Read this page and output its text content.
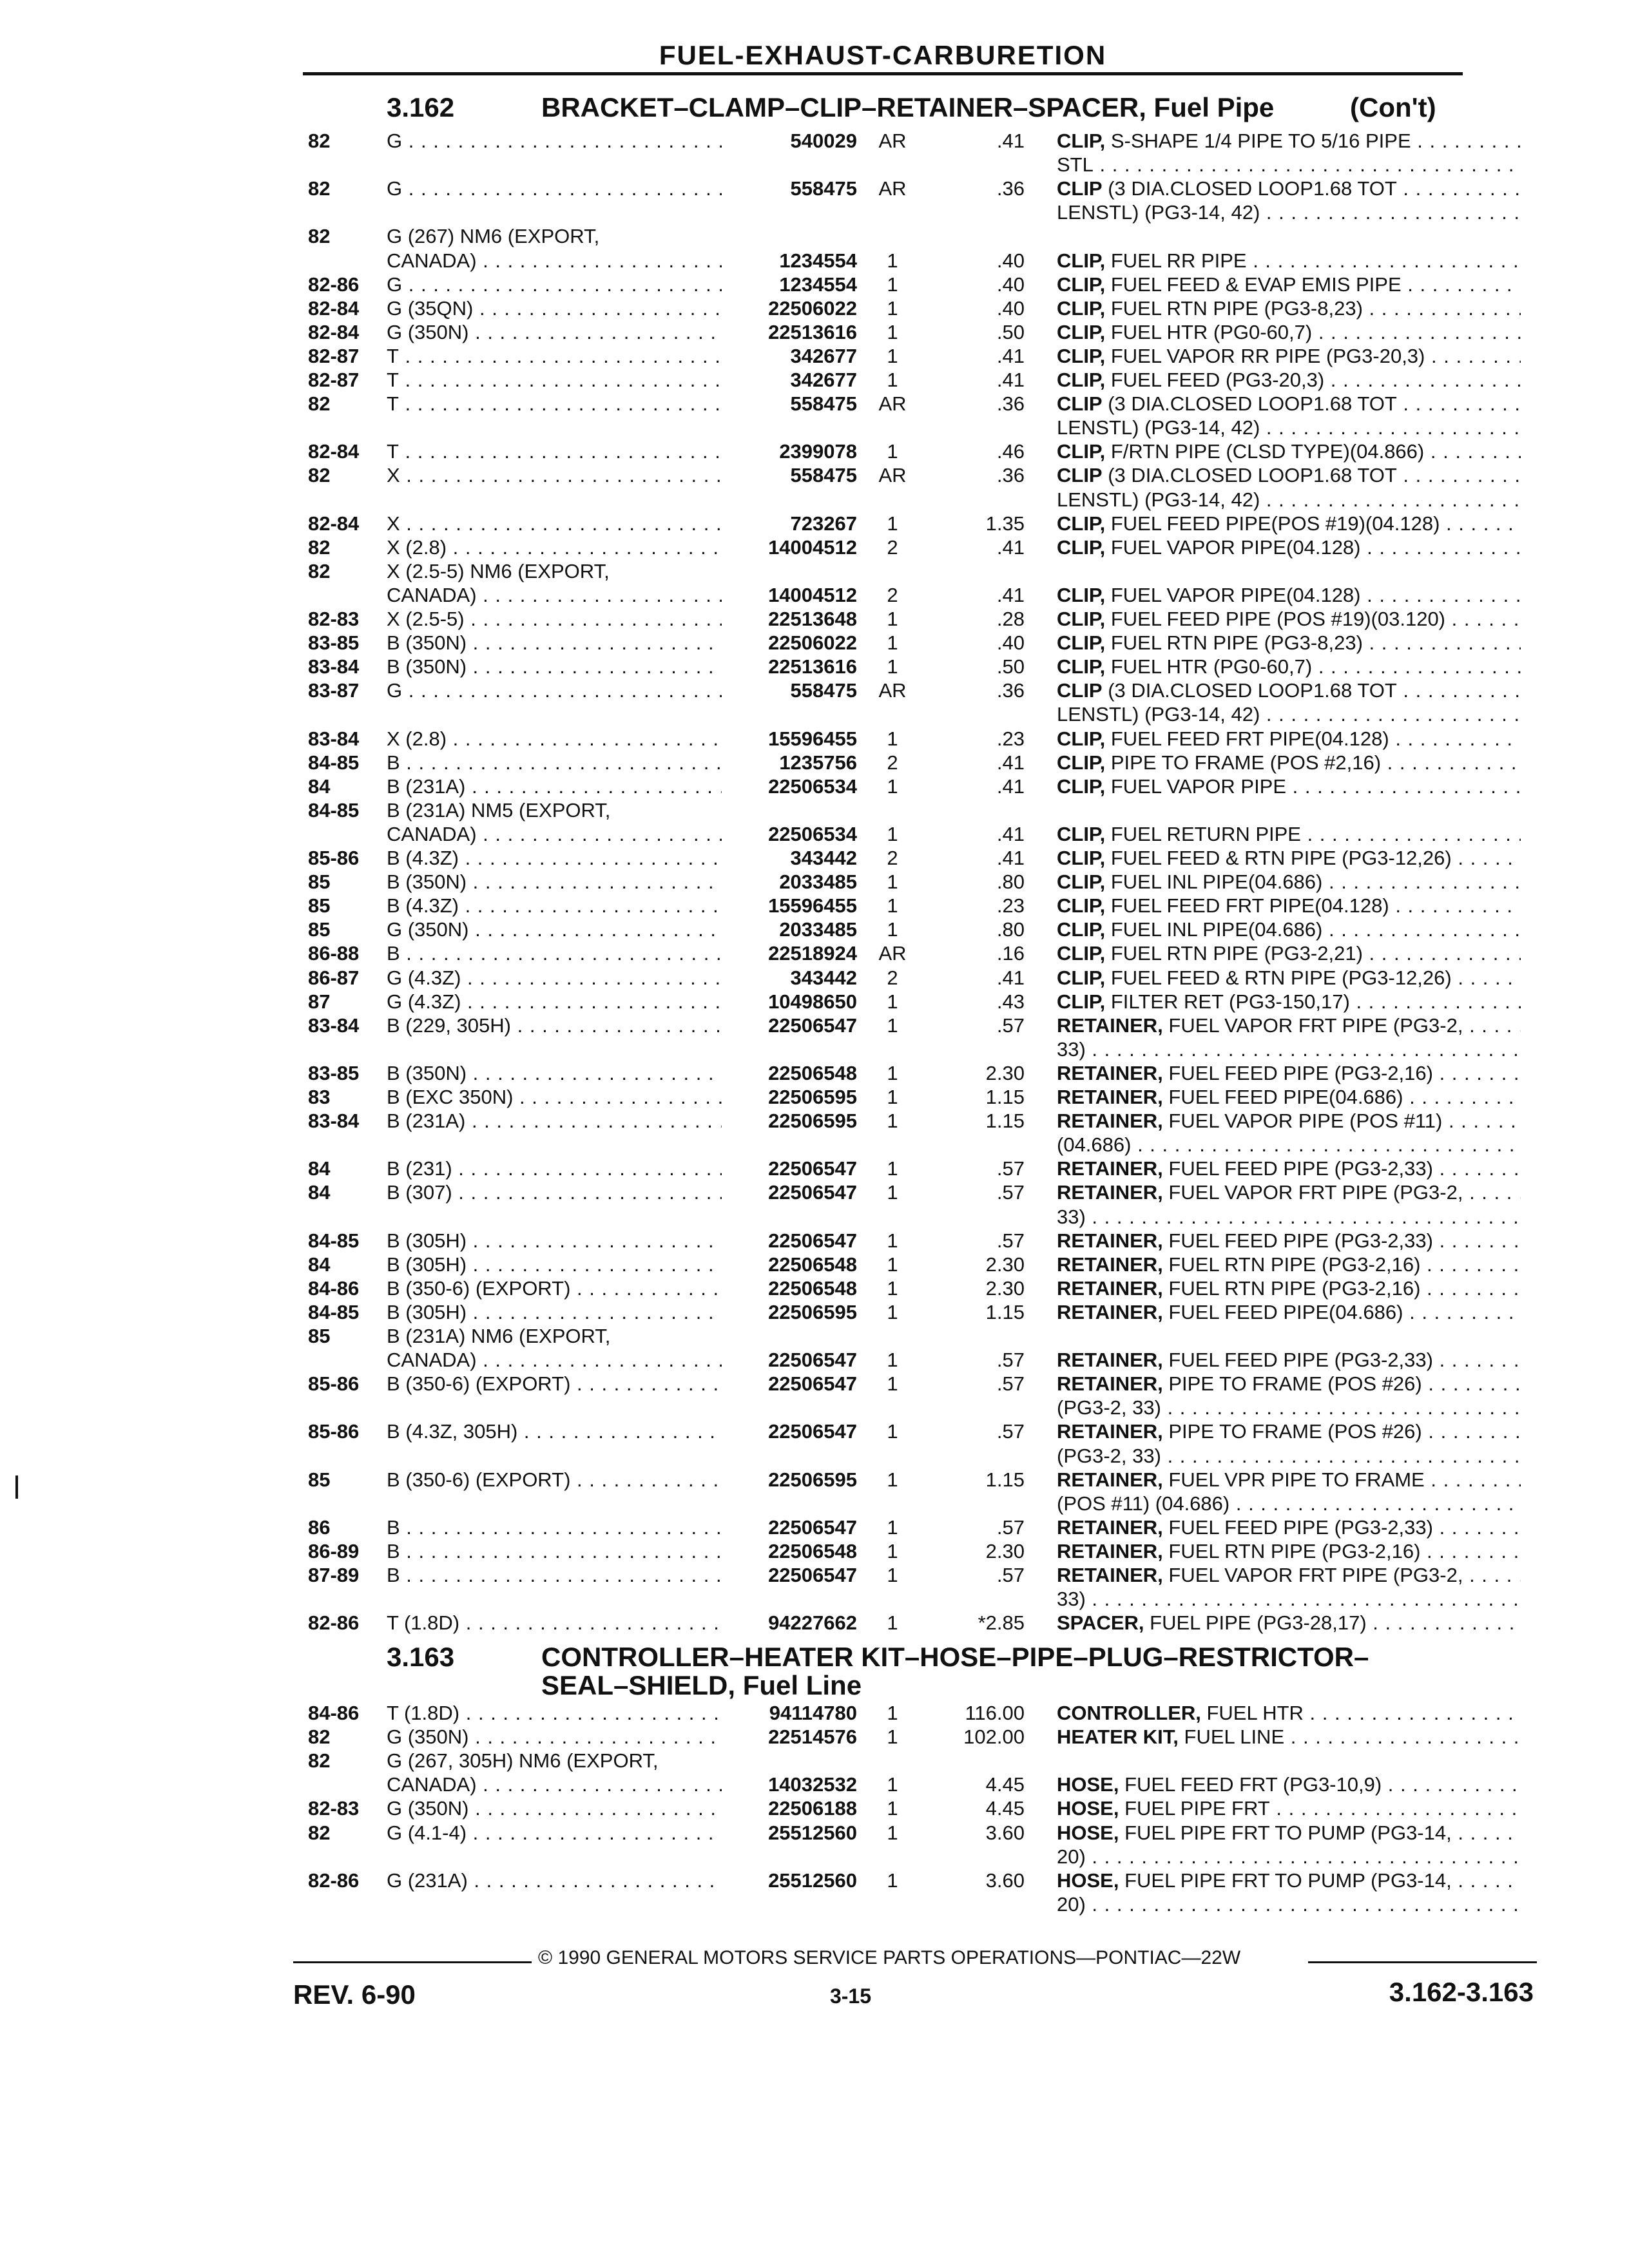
FUEL-EXHAUST-CARBURETION
3.162	BRACKET–CLAMP–CLIP–RETAINER–SPACER, Fuel Pipe	(Con't)
3.163	CONTROLLER–HEATER KIT–HOSE–PIPE–PLUG–RESTRICTOR–
SEAL–SHIELD, Fuel Line
82	G . . .	540029	AR	.41 CLIP, S-SHAPE 1/4 PIPE TO 5/16 PIPE . . .
STL . . .
82	G . . .	558475	AR	.36 CLIP (3 DIA.CLOSED LOOP1.68 TOT . . .
LENSTL) (PG3-14, 42) . . .
82	G (267) NM6 (EXPORT,
CANADA) . . .	1234554	1	.40 CLIP, FUEL RR PIPE . . .
82-86	G . . .	1234554	1	.40 CLIP, FUEL FEED & EVAP EMIS PIPE . . .
82-84	G (35QN) . . .	22506022	1	.40 CLIP, FUEL RTN PIPE (PG3-8,23) . . .
82-84	G (350N) . . .	22513616	1	.50 CLIP, FUEL HTR (PG0-60,7) . . .
82-87	T . . .	342677	1	.41 CLIP, FUEL VAPOR RR PIPE (PG3-20,3) . . .
82-87	T . . .	342677	1	.41 CLIP, FUEL FEED (PG3-20,3) . . .
82	T . . .	558475	AR	.36 CLIP (3 DIA.CLOSED LOOP1.68 TOT . . .
LENSTL) (PG3-14, 42) . . .
82-84	T . . .	2399078	1	.46 CLIP, F/RTN PIPE (CLSD TYPE)(04.866) . . .
82	X . . .	558475	AR	.36 CLIP (3 DIA.CLOSED LOOP1.68 TOT . . .
LENSTL) (PG3-14, 42) . . .
82-84	X . . .	723267	1	1.35 CLIP, FUEL FEED PIPE(POS #19)(04.128) . . .
82	X (2.8) . . .	14004512	2	.41 CLIP, FUEL VAPOR PIPE(04.128) . . .
82	X (2.5-5) NM6 (EXPORT,
CANADA) . . .	14004512	2	.41 CLIP, FUEL VAPOR PIPE(04.128) . . .
82-83	X (2.5-5) . . .	22513648	1	.28 CLIP, FUEL FEED PIPE (POS #19)(03.120) . . .
83-85	B (350N) . . .	22506022	1	.40 CLIP, FUEL RTN PIPE (PG3-8,23) . . .
83-84	B (350N) . . .	22513616	1	.50 CLIP, FUEL HTR (PG0-60,7) . . .
83-87	G . . .	558475	AR	.36 CLIP (3 DIA.CLOSED LOOP1.68 TOT . . .
LENSTL) (PG3-14, 42) . . .
83-84	X (2.8) . . .	15596455	1	.23 CLIP, FUEL FEED FRT PIPE(04.128) . . .
84-85	B . . .	1235756	2	.41 CLIP, PIPE TO FRAME (POS #2,16) . . .
84	B (231A) . . .	22506534	1	.41 CLIP, FUEL VAPOR PIPE . . .
84-85	B (231A) NM5 (EXPORT,
CANADA) . . .	22506534	1	.41 CLIP, FUEL RETURN PIPE . . .
85-86	B (4.3Z) . . .	343442	2	.41 CLIP, FUEL FEED & RTN PIPE (PG3-12,26) . . .
85	B (350N) . . .	2033485	1	.80 CLIP, FUEL INL PIPE(04.686) . . .
85	B (4.3Z) . . .	15596455	1	.23 CLIP, FUEL FEED FRT PIPE(04.128) . . .
85	G (350N) . . .	2033485	1	.80 CLIP, FUEL INL PIPE(04.686) . . .
86-88	B . . .	22518924	AR	.16 CLIP, FUEL RTN PIPE (PG3-2,21) . . .
86-87	G (4.3Z) . . .	343442	2	.41 CLIP, FUEL FEED & RTN PIPE (PG3-12,26) . . .
87	G (4.3Z) . . .	10498650	1	.43 CLIP, FILTER RET (PG3-150,17) . . .
83-84	B (229, 305H) . . .	22506547	1	.57 RETAINER, FUEL VAPOR FRT PIPE (PG3-2, . . .
33) . . .
83-85	B (350N) . . .	22506548	1	2.30 RETAINER, FUEL FEED PIPE (PG3-2,16) . . .
83	B (EXC 350N) . . .	22506595	1	1.15 RETAINER, FUEL FEED PIPE(04.686) . . .
83-84	B (231A) . . .	22506595	1	1.15 RETAINER, FUEL VAPOR PIPE (POS #11) . . .
(04.686) . . .
84	B (231) . . .	22506547	1	.57 RETAINER, FUEL FEED PIPE (PG3-2,33) . . .
84	B (307) . . .	22506547	1	.57 RETAINER, FUEL VAPOR FRT PIPE (PG3-2, . . .
33) . . .
84-85	B (305H) . . .	22506547	1	.57 RETAINER, FUEL FEED PIPE (PG3-2,33) . . .
84	B (305H) . . .	22506548	1	2.30 RETAINER, FUEL RTN PIPE (PG3-2,16) . . .
84-86	B (350-6) (EXPORT) . . .	22506548	1	2.30 RETAINER, FUEL RTN PIPE (PG3-2,16) . . .
84-85	B (305H) . . .	22506595	1	1.15 RETAINER, FUEL FEED PIPE(04.686) . . .
85	B (231A) NM6 (EXPORT,
CANADA) . . .	22506547	1	.57 RETAINER, FUEL FEED PIPE (PG3-2,33) . . .
85-86	B (350-6) (EXPORT) . . .	22506547	1	.57 RETAINER, PIPE TO FRAME (POS #26) . . .
(PG3-2, 33) . . .
85-86	B (4.3Z, 305H) . . .	22506547	1	.57 RETAINER, PIPE TO FRAME (POS #26) . . .
(PG3-2, 33) . . .
85	B (350-6) (EXPORT) . . .	22506595	1	1.15 RETAINER, FUEL VPR PIPE TO FRAME . . .
(POS #11) (04.686) . . .
86	B . . .	22506547	1	.57 RETAINER, FUEL FEED PIPE (PG3-2,33) . . .
86-89	B . . .	22506548	1	2.30 RETAINER, FUEL RTN PIPE (PG3-2,16) . . .
87-89	B . . .	22506547	1	.57 RETAINER, FUEL VAPOR FRT PIPE (PG3-2, . . .
33) . . .
82-86	T (1.8D) . . .	94227662	1	*2.85 SPACER, FUEL PIPE (PG3-28,17) . . .
84-86	T (1.8D) . . .	94114780	1	116.00 CONTROLLER, FUEL HTR . . .
82	G (350N) . . .	22514576	1	102.00 HEATER KIT, FUEL LINE . . .
82	G (267, 305H) NM6 (EXPORT,
CANADA) . . .	14032532	1	4.45 HOSE, FUEL FEED FRT (PG3-10,9) . . .
82-83	G (350N) . . .	22506188	1	4.45 HOSE, FUEL PIPE FRT . . .
82	G (4.1-4) . . .	25512560	1	3.60 HOSE, FUEL PIPE FRT TO PUMP (PG3-14, . . .
20) . . .
82-86	G (231A) . . .	25512560	1	3.60 HOSE, FUEL PIPE FRT TO PUMP (PG3-14, . . .
20) . . .
© 1990 GENERAL MOTORS SERVICE PARTS OPERATIONS—PONTIAC—22W
REV. 6-90	3-15	3.162-3.163
